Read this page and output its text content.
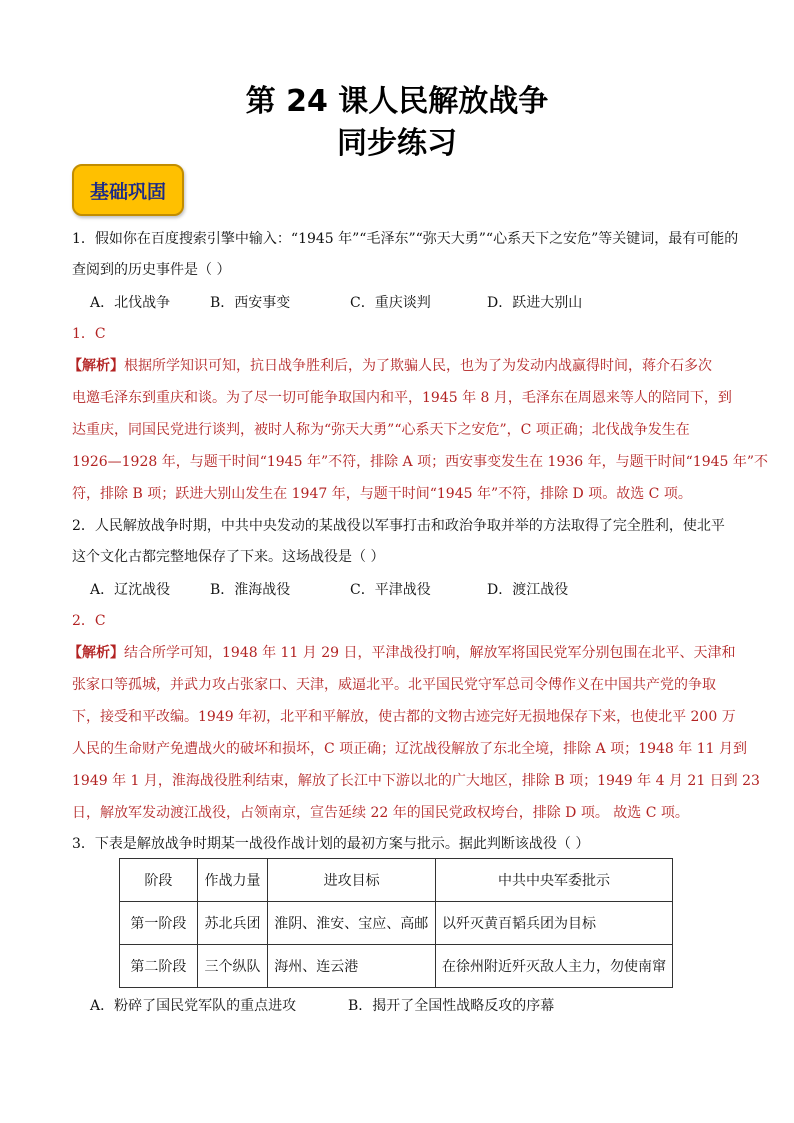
第 24 课人民解放战争
同步练习
基础巩固
1．假如你在百度搜索引擎中输入：“1945 年”“毛泽东”“弥天大勇”“心系天下之安危”等关键词，最有可能的
查阅到的历史事件是（ ）
A．北伐战争	B．西安事变	C．重庆谈判	D．跃进大别山
1．C
【解析】根据所学知识可知，抗日战争胜利后，为了欺骗人民，也为了为发动内战赢得时间，蒋介石多次
电邀毛泽东到重庆和谈。为了尽一切可能争取国内和平，1945 年 8 月，毛泽东在周恩来等人的陪同下，到
达重庆，同国民党进行谈判，被时人称为“弥天大勇”“心系天下之安危”，C 项正确；北伐战争发生在
1926—1928 年，与题干时间“1945 年”不符，排除 A 项；西安事变发生在 1936 年，与题干时间“1945 年”不
符，排除 B 项；跃进大别山发生在 1947 年，与题干时间“1945 年”不符，排除 D 项。故选 C 项。
2．人民解放战争时期，中共中央发动的某战役以军事打击和政治争取并举的方法取得了完全胜利，使北平
这个文化古都完整地保存了下来。这场战役是（ ）
A．辽沈战役	B．淮海战役	C．平津战役	D．渡江战役
2．C
【解析】结合所学可知，1948 年 11 月 29 日，平津战役打响，解放军将国民党军分别包围在北平、天津和
张家口等孤城，并武力攻占张家口、天津，威逼北平。北平国民党守军总司令傅作义在中国共产党的争取
下，接受和平改编。1949 年初，北平和平解放，使古都的文物古迹完好无损地保存下来，也使北平 200 万
人民的生命财产免遭战火的破坏和损坏，C 项正确；辽沈战役解放了东北全境，排除 A 项；1948 年 11 月到
1949 年 1 月，淮海战役胜利结束，解放了长江中下游以北的广大地区，排除 B 项；1949 年 4 月 21 日到 23
日，解放军发动渡江战役，占领南京，宣告延续 22 年的国民党政权垮台，排除 D 项。 故选 C 项。
3．下表是解放战争时期某一战役作战计划的最初方案与批示。据此判断该战役（ ）
阶段	作战力量	进攻目标	中共中央军委批示
第一阶段	苏北兵团	淮阴、淮安、宝应、高邮	以歼灭黄百韬兵团为目标
第二阶段	三个纵队	海州、连云港	在徐州附近歼灭敌人主力，勿使南窜
A．粉碎了国民党军队的重点进攻	B．揭开了全国性战略反攻的序幕
